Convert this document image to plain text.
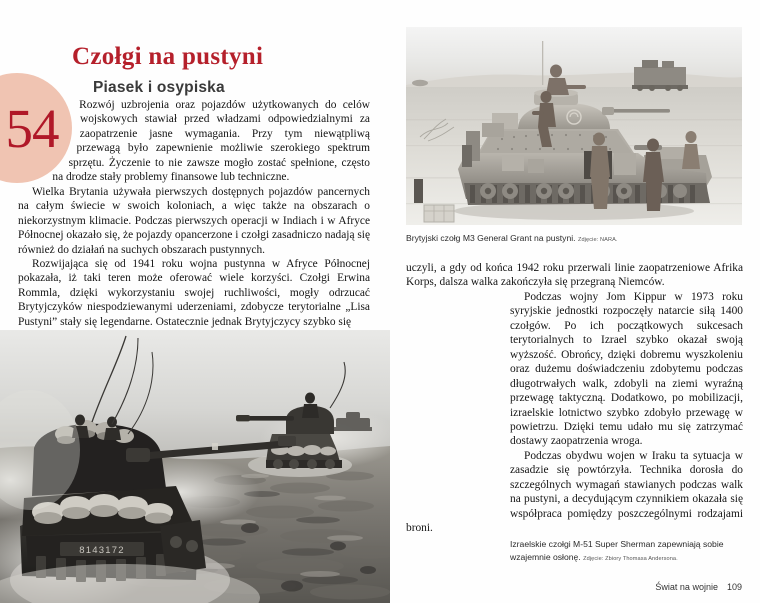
8143172
54
Czołgi na pustyni
Piasek i osypiska

Rozwój uzbrojenia oraz pojazdów użytkowanych do celów wojskowych stawiał przed władzami odpowiedzialnymi za zaopatrzenie jasne wymagania. Przy tym niewątpliwą przewagą było zapewnienie możliwie szerokiego spektrum sprzętu. Życzenie to nie zawsze mogło zostać spełnione, często na drodze stały problemy finansowe lub techniczne.

Wielka Brytania używała pierwszych dostępnych pojazdów pancernych na całym świecie w swoich koloniach, a więc także na obszarach o niekorzystnym klimacie. Podczas pierwszych operacji w Indiach i w Afryce Północnej okazało się, że pojazdy opancerzone i czołgi zasadniczo nadają się również do działań na suchych obszarach pustynnych.

Rozwijająca się od 1941 roku wojna pustynna w Afryce Północnej pokazała, iż taki teren może oferować wiele korzyści. Czołgi Erwina Rommla, dzięki wykorzystaniu swojej ruchliwości, mogły odrzucać Brytyjczyków niespodziewanymi uderzeniami, zdobycze terytorialne „Lisa Pustyni” stały się legendarne. Ostatecznie jednak Brytyjczycy szybko się

Brytyjski czołg M3 General Grant na pustyni. Zdjęcie: NARA.

uczyli, a gdy od końca 1942 roku przerwali linie zaopatrzeniowe Afrika Korps, dalsza walka zakończyła się przegraną Niemców.

Podczas wojny Jom Kippur w 1973 roku syryjskie jednostki rozpoczęły natarcie siłą 1400 czołgów. Po ich początkowych sukcesach terytorialnych to Izrael szybko okazał swoją wyższość. Obrońcy, dzięki dobremu wyszkoleniu oraz dużemu doświadczeniu zdobytemu podczas długotrwałych walk, zdobyli na ziemi wyraźną przewagę taktyczną. Dodatkowo, po mobilizacji, izraelskie lotnictwo szybko zdobyło przewagę w powietrzu. Dzięki temu udało mu się zatrzymać dostawy zaopatrzenia wroga.

Podczas obydwu wojen w Iraku ta sytuacja w zasadzie się powtórzyła. Technika dorosła do szczególnych wymagań stawianych podczas walk na pustyni, a decydującym czynnikiem okazała się współpraca pomiędzy poszczególnymi rodzajami broni.

Izraelskie czołgi M-51 Super Sherman zapewniają sobie wzajemnie osłonę. Zdjęcie: Zbiory Thomasa Andersona.
Świat na wojnie 109
